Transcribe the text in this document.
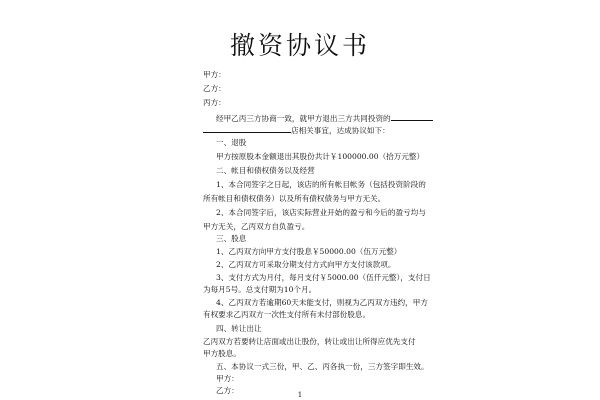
撤资协议书
甲方：
乙方：
丙方：
经甲乙丙三方协商一致，就甲方退出三方共同投资的
店相关事宜，达成协议如下：
一、退股
甲方按原股本金额退出其股份共计￥100000.00（拾万元整）
二、帐目和债权债务以及经营
1、本合同签字之日起，该店的所有帐目帐务（包括投资阶段的
所有帐目和债权债务）以及所有债权债务与甲方无关。
2、本合同签字后，该店实际营业开始的盈亏和今后的盈亏均与
甲方无关，乙丙双方自负盈亏。
三、股息
1、乙丙双方向甲方支付股息￥50000.00（伍万元整）
2、乙丙双方可采取分期支付方式向甲方支付该款项。
3、支付方式为月付，每月支付￥5000.00（伍仟元整），支付日
为每月5号。总支付期为10个月。
4、乙丙双方若逾期60天未能支付，则视为乙丙双方违约，甲方
有权要求乙丙双方一次性支付所有未付部份股息。
四、转让出让
乙丙双方若要转让店面或出让股份，转让或出让所得应优先支付
甲方股息。
五、本协议一式三份，甲、乙、丙各执一份，三方签字即生效。
甲方：
乙方：	1
